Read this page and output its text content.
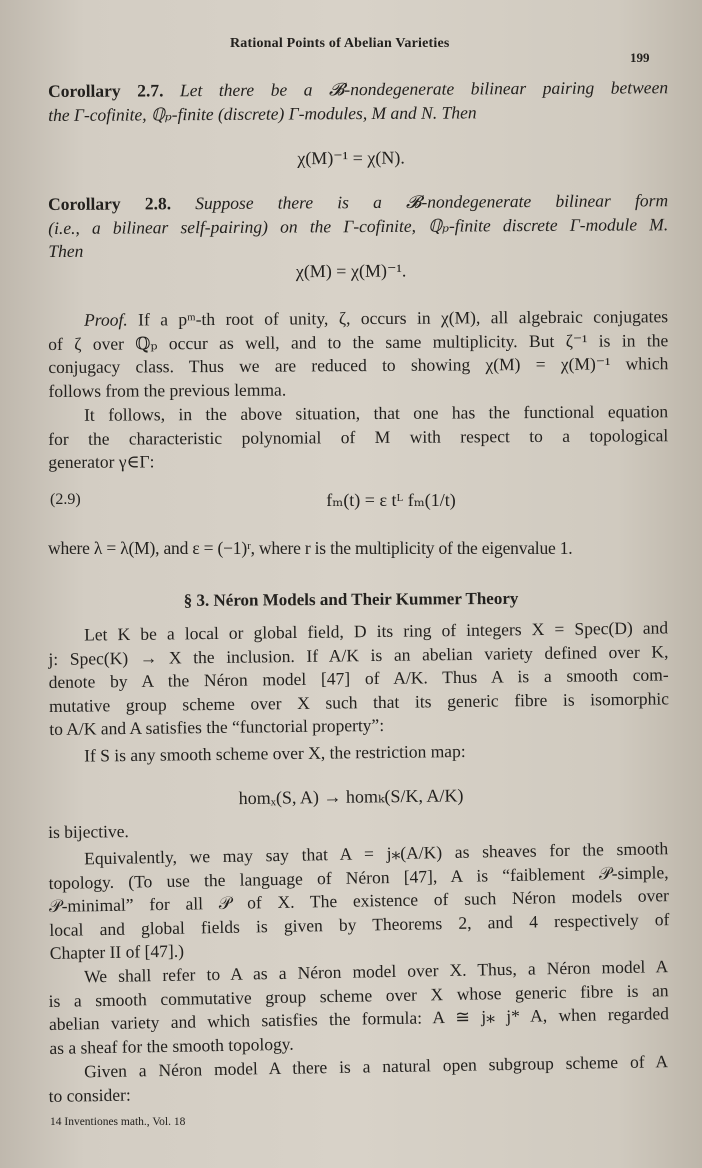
Rational Points of Abelian Varieties
199

Corollary 2.7. Let there be a 𝓑-nondegenerate bilinear pairing between

the Γ-cofinite, ℚₚ-finite (discrete) Γ-modules, M and N. Then

χ(M)⁻¹ = χ(N).

Corollary 2.8. Suppose there is a 𝓑-nondegenerate bilinear form

(i.e., a bilinear self-pairing) on the Γ-cofinite, ℚₚ-finite discrete Γ-module M.

Then

χ(M) = χ(M)⁻¹.

Proof. If a pᵐ-th root of unity, ζ, occurs in χ(M), all algebraic conjugates

of ζ over ℚₚ occur as well, and to the same multiplicity. But ζ⁻¹ is in the

conjugacy class. Thus we are reduced to showing χ(M) = χ(M)⁻¹ which

follows from the previous lemma.

It follows, in the above situation, that one has the functional equation

for the characteristic polynomial of M with respect to a topological

generator γ∈Γ:

(2.9)	fₘ(t) = ε tᴸ fₘ(1/t)

where λ = λ(M), and ε = (−1)ʳ, where r is the multiplicity of the eigenvalue 1.

§ 3. Néron Models and Their Kummer Theory

Let K be a local or global field, D its ring of integers X = Spec(D) and

j: Spec(K) → X the inclusion. If A/K is an abelian variety defined over K,

denote by A the Néron model [47] of A/K. Thus A is a smooth com-

mutative group scheme over X such that its generic fibre is isomorphic

to A/K and A satisfies the “functorial property”:

If S is any smooth scheme over X, the restriction map:

homₓ(S, A) → homₖ(S/K, A/K)

is bijective.

Equivalently, we may say that A = j⁎(A/K) as sheaves for the smooth

topology. (To use the language of Néron [47], A is “faiblement 𝒫-simple,

𝒫-minimal” for all 𝒫 of X. The existence of such Néron models over

local and global fields is given by Theorems 2, and 4 respectively of

Chapter II of [47].)

We shall refer to A as a Néron model over X. Thus, a Néron model A

is a smooth commutative group scheme over X whose generic fibre is an

abelian variety and which satisfies the formula: A ≅ j⁎ j* A, when regarded

as a sheaf for the smooth topology.

Given a Néron model A there is a natural open subgroup scheme of A

to consider:

14 Inventiones math., Vol. 18
